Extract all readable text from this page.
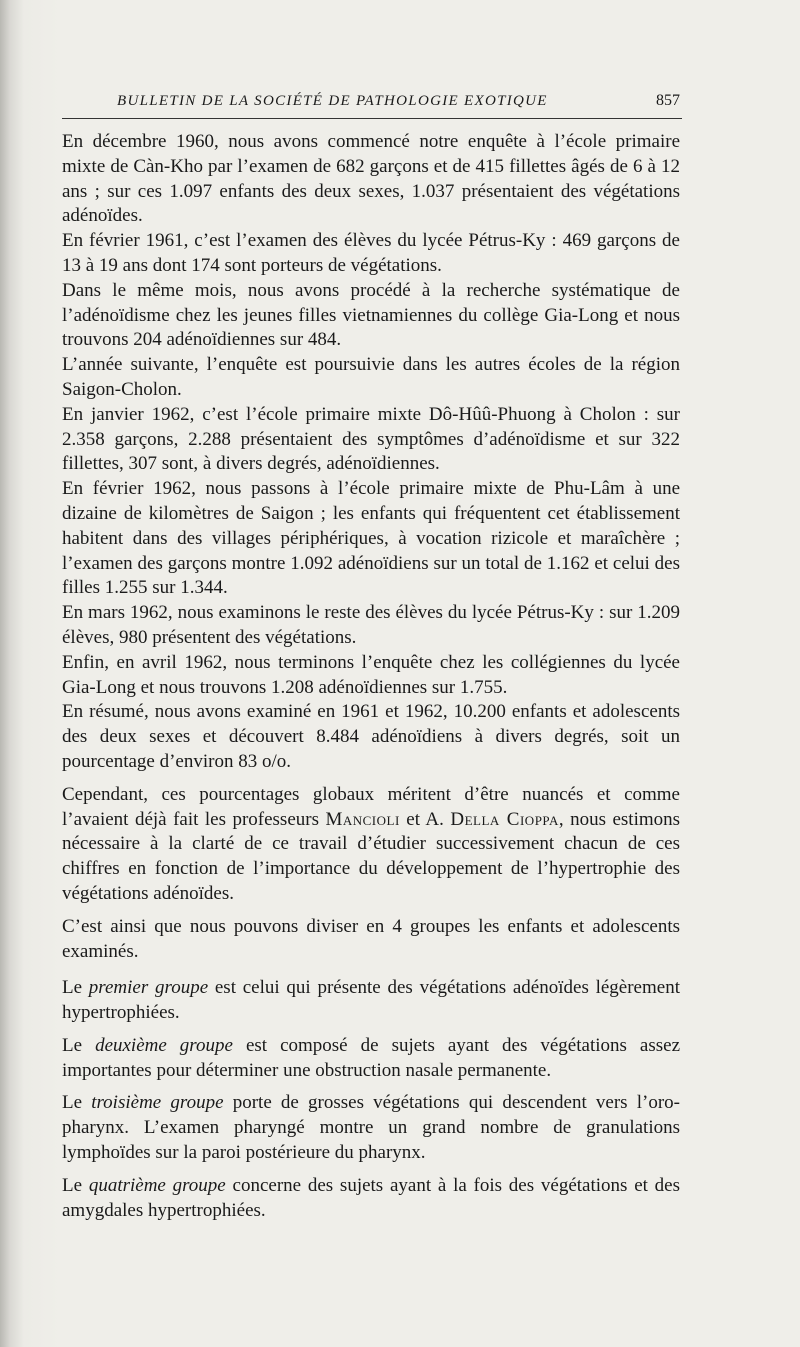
BULLETIN DE LA SOCIÉTÉ DE PATHOLOGIE EXOTIQUE	857

En décembre 1960, nous avons commencé notre enquête à l’école primaire mixte de Càn-Kho par l’examen de 682 garçons et de 415 fillettes âgés de 6 à 12 ans ; sur ces 1.097 enfants des deux sexes, 1.037 présentaient des végétations adénoïdes.

En février 1961, c’est l’examen des élèves du lycée Pétrus-Ky : 469 garçons de 13 à 19 ans dont 174 sont porteurs de végétations.

Dans le même mois, nous avons procédé à la recherche systématique de l’adénoïdisme chez les jeunes filles vietnamiennes du collège Gia-Long et nous trouvons 204 adénoïdiennes sur 484.

L’année suivante, l’enquête est poursuivie dans les autres écoles de la région Saigon-Cholon.

En janvier 1962, c’est l’école primaire mixte Dô-Hûû-Phuong à Cholon : sur 2.358 garçons, 2.288 présentaient des symptômes d’adénoïdisme et sur 322 fillettes, 307 sont, à divers degrés, adénoïdiennes.

En février 1962, nous passons à l’école primaire mixte de Phu-Lâm à une dizaine de kilomètres de Saigon ; les enfants qui fréquentent cet établissement habitent dans des villages périphériques, à vocation rizicole et maraîchère ; l’examen des garçons montre 1.092 adénoïdiens sur un total de 1.162 et celui des filles 1.255 sur 1.344.

En mars 1962, nous examinons le reste des élèves du lycée Pétrus-Ky : sur 1.209 élèves, 980 présentent des végétations.

Enfin, en avril 1962, nous terminons l’enquête chez les collégiennes du lycée Gia-Long et nous trouvons 1.208 adénoïdiennes sur 1.755.

En résumé, nous avons examiné en 1961 et 1962, 10.200 enfants et adolescents des deux sexes et découvert 8.484 adénoïdiens à divers degrés, soit un pourcentage d’environ 83 o/o.

Cependant, ces pourcentages globaux méritent d’être nuancés et comme l’avaient déjà fait les professeurs Mancioli et A. Della Cioppa, nous estimons nécessaire à la clarté de ce travail d’étudier successivement chacun de ces chiffres en fonction de l’importance du développement de l’hypertrophie des végétations adénoïdes.

C’est ainsi que nous pouvons diviser en 4 groupes les enfants et adolescents examinés.

Le premier groupe est celui qui présente des végétations adénoïdes légèrement hypertrophiées.

Le deuxième groupe est composé de sujets ayant des végétations assez importantes pour déterminer une obstruction nasale permanente.

Le troisième groupe porte de grosses végétations qui descendent vers l’oro-pharynx. L’examen pharyngé montre un grand nombre de granulations lymphoïdes sur la paroi postérieure du pharynx.

Le quatrième groupe concerne des sujets ayant à la fois des végétations et des amygdales hypertrophiées.
